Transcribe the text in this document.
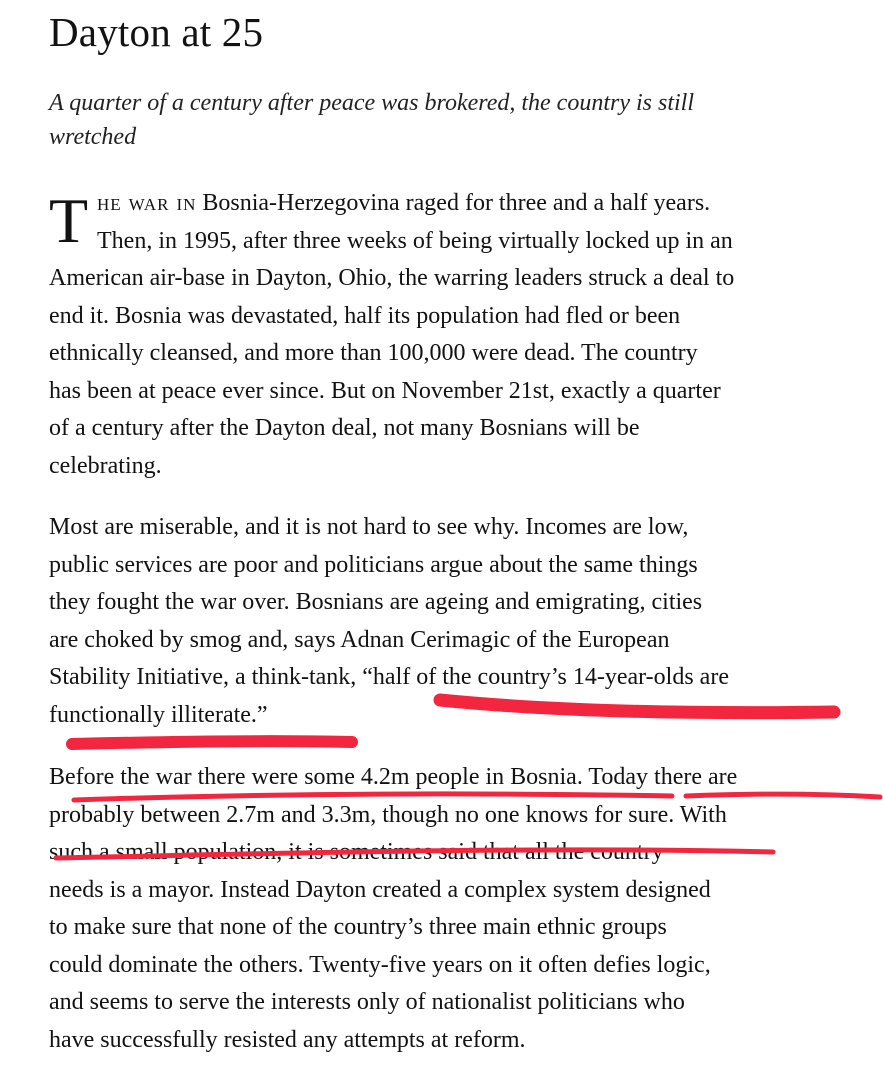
Dayton at 25

A quarter of a century after peace was brokered, the country is still
wretched

T he war in Bosnia-Herzegovina raged for three and a half years.
Then, in 1995, after three weeks of being virtually locked up in an
American air-base in Dayton, Ohio, the warring leaders struck a deal to
end it. Bosnia was devastated, half its population had fled or been
ethnically cleansed, and more than 100,000 were dead. The country
has been at peace ever since. But on November 21st, exactly a quarter
of a century after the Dayton deal, not many Bosnians will be
celebrating.
Most are miserable, and it is not hard to see why. Incomes are low,
public services are poor and politicians argue about the same things
they fought the war over. Bosnians are ageing and emigrating, cities
are choked by smog and, says Adnan Cerimagic of the European
Stability Initiative, a think-tank, “half of the country’s 14-year-olds are
functionally illiterate.”
Before the war there were some 4.2m people in Bosnia. Today there are
probably between 2.7m and 3.3m, though no one knows for sure. With
such a small population, it is sometimes said that all the country
needs is a mayor. Instead Dayton created a complex system designed
to make sure that none of the country’s three main ethnic groups
could dominate the others. Twenty-five years on it often defies logic,
and seems to serve the interests only of nationalist politicians who
have successfully resisted any attempts at reform.
